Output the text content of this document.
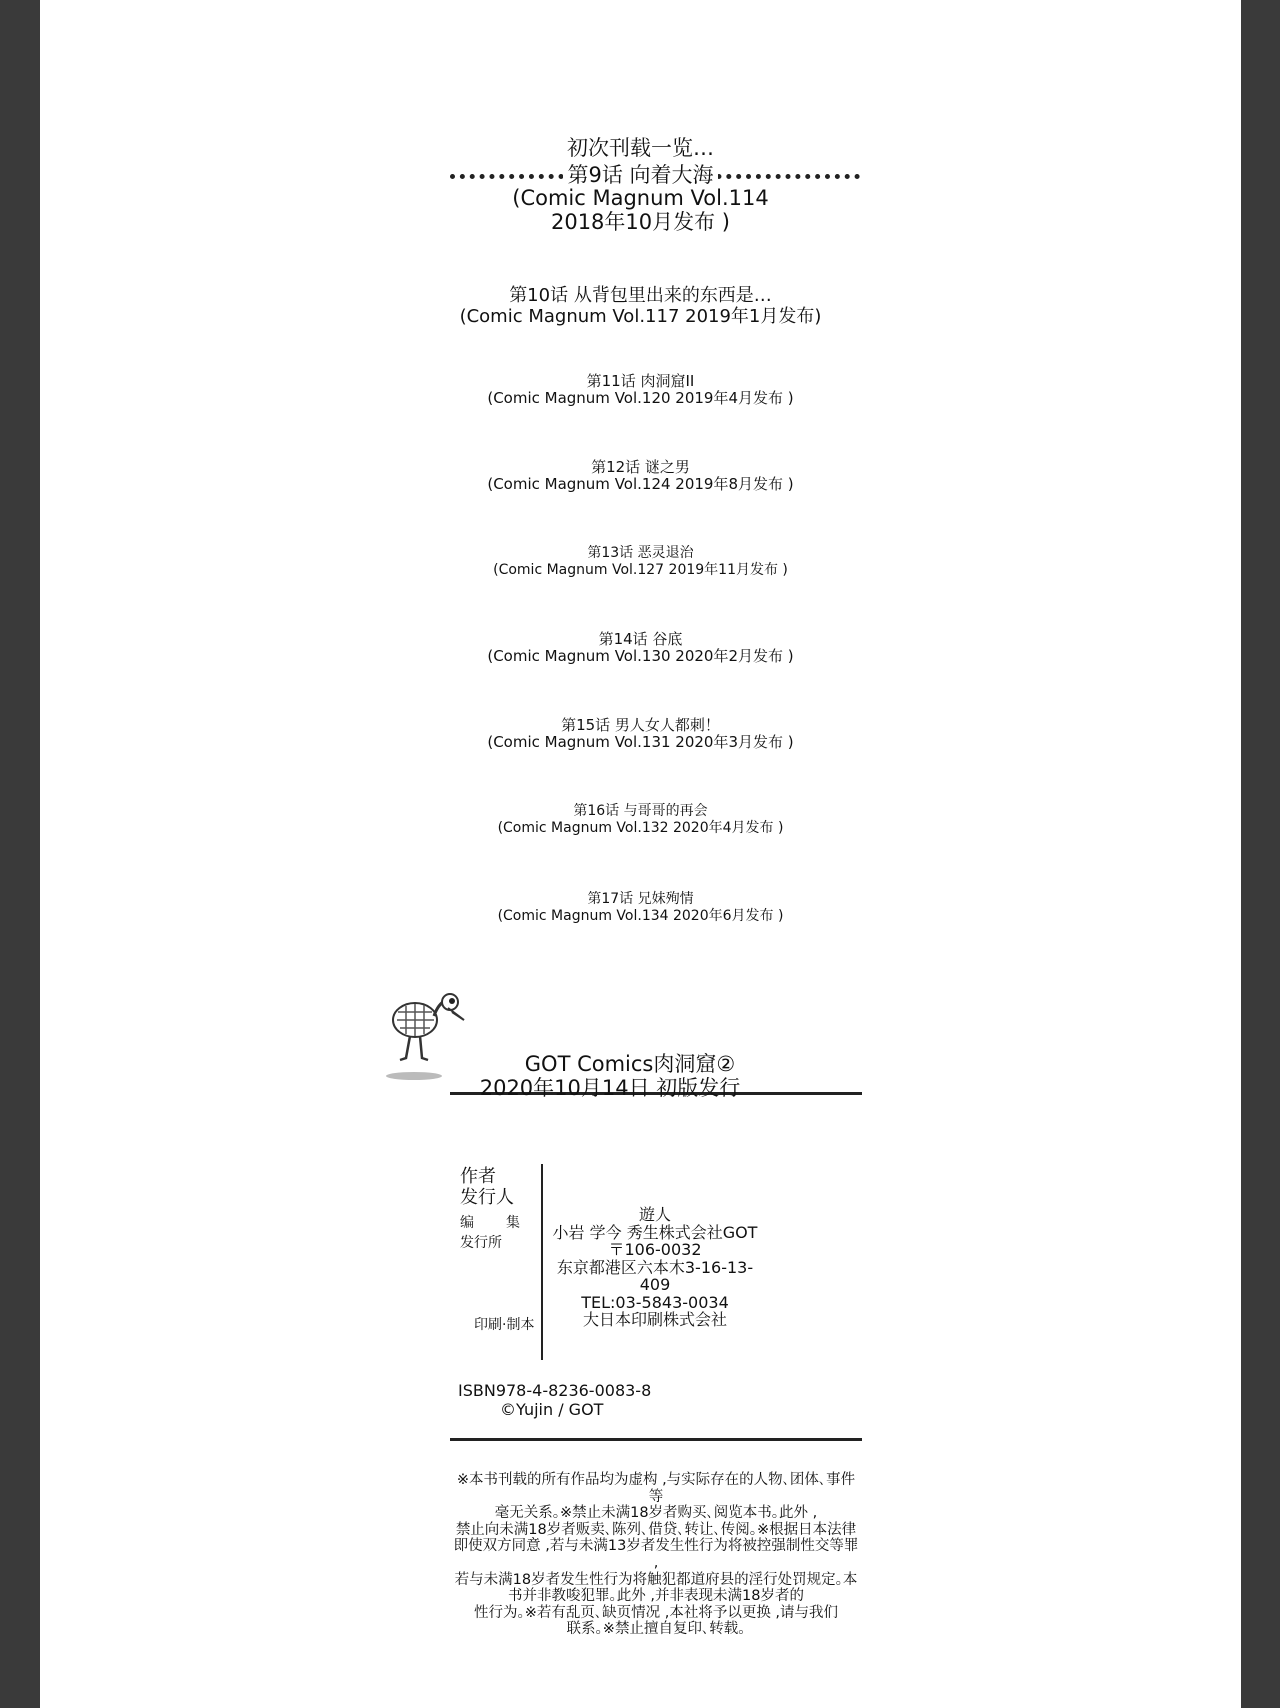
初次刊载一览…
第9话 向着大海
(Comic Magnum Vol.114
2018年10月发布 )
第10话 从背包里出来的东西是…
(Comic Magnum Vol.117 2019年1月发布)
第11话 肉洞窟II
(Comic Magnum Vol.120 2019年4月发布 )
第12话 谜之男
(Comic Magnum Vol.124 2019年8月发布 )
第13话 恶灵退治
(Comic Magnum Vol.127 2019年11月发布 )
第14话 谷底
(Comic Magnum Vol.130 2020年2月发布 )
第15话 男人女人都刺！
(Comic Magnum Vol.131 2020年3月发布 )
第16话 与哥哥的再会
(Comic Magnum Vol.132 2020年4月发布 )
第17话 兄妹殉情
(Comic Magnum Vol.134 2020年6月发布 )
GOT Comics肉洞窟②
2020年10月14日 初版发行
作者
发行人
编 集
发行所
印刷·制本
遊人
小岩 学今 秀生株式会社GOT
〒106-0032
东京都港区六本木3-16-13-409
TEL:03-5843-0034
大日本印刷株式会社
ISBN978-4-8236-0083-8
©Yujin / GOT
※本书刊载的所有作品均为虚构 ,与实际存在的人物､团体､事件等
毫无关系｡※禁止未满18岁者购买､阅览本书｡此外 ,
禁止向未满18岁者贩卖､陈列､借贷､转让､传阅｡※根据日本法律
即使双方同意 ,若与未满13岁者发生性行为将被控强制性交等罪 ,
若与未满18岁者发生性行为将触犯都道府县的淫行处罚规定｡本
书并非教唆犯罪｡此外 ,并非表现未满18岁者的
性行为｡※若有乱页､缺页情况 ,本社将予以更换 ,请与我们
联系｡※禁止擅自复印､转载｡
